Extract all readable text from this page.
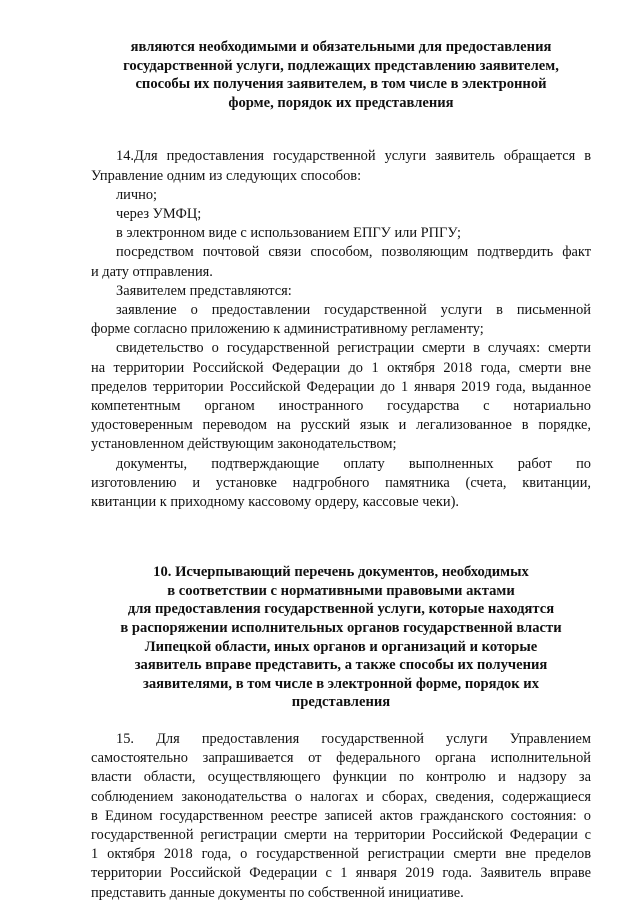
являются необходимыми и обязательными для предоставления
государственной услуги, подлежащих представлению заявителем,
способы их получения заявителем, в том числе в электронной
форме, порядок их представления
14.Для предоставления государственной услуги заявитель обращается в
Управление одним из следующих способов:
лично;
через УМФЦ;
в электронном виде с использованием ЕПГУ или РПГУ;
посредством почтовой связи способом, позволяющим подтвердить факт
и дату отправления.
Заявителем представляются:
заявление о предоставлении государственной услуги в письменной
форме согласно приложению к административному регламенту;
свидетельство о государственной регистрации смерти в случаях: смерти
на территории Российской Федерации до 1 октября 2018 года, смерти вне
пределов территории Российской Федерации до 1 января 2019 года, выданное
компетентным органом иностранного государства с нотариально
удостоверенным переводом на русский язык и легализованное в порядке,
установленном действующим законодательством;
документы, подтверждающие оплату выполненных работ по
изготовлению и установке надгробного памятника (счета, квитанции,
квитанции к приходному кассовому ордеру, кассовые чеки).
10. Исчерпывающий перечень документов, необходимых
в соответствии с нормативными правовыми актами
для предоставления государственной услуги, которые находятся
в распоряжении исполнительных органов государственной власти
Липецкой области, иных органов и организаций и которые
заявитель вправе представить, а также способы их получения
заявителями, в том числе в электронной форме, порядок их
представления
15. Для предоставления государственной услуги Управлением
самостоятельно запрашивается от федерального органа исполнительной
власти области, осуществляющего функции по контролю и надзору за
соблюдением законодательства о налогах и сборах, сведения, содержащиеся
в Едином государственном реестре записей актов гражданского состояния: о
государственной регистрации смерти на территории Российской Федерации с
1 октября 2018 года, о государственной регистрации смерти вне пределов
территории Российской Федерации с 1 января 2019 года. Заявитель вправе
представить данные документы по собственной инициативе.
